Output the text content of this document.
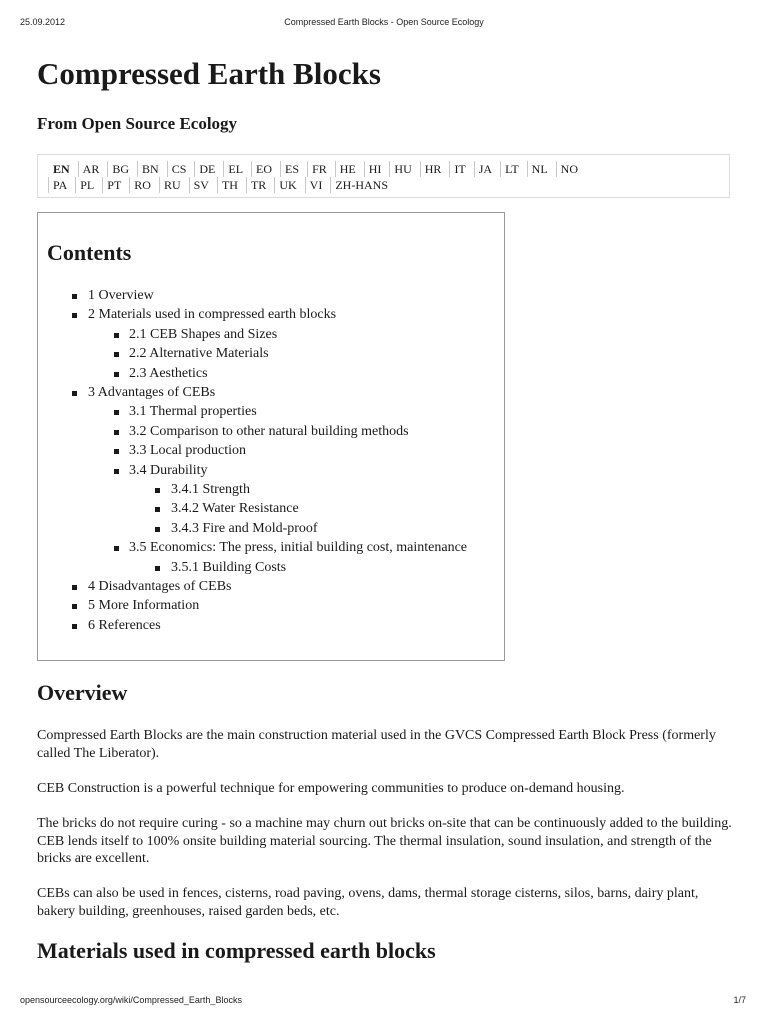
25.09.2012	Compressed Earth Blocks - Open Source Ecology
Compressed Earth Blocks
From Open Source Ecology
EN	AR	BG	BN	CS	DE	EL	EO	ES	FR	HE	HI	HU	HR	IT	JA	LT	NL	NO
PA	PL	PT	RO	RU	SV	TH	TR	UK	VI	ZH-HANS
Contents
1 Overview
2 Materials used in compressed earth blocks
2.1 CEB Shapes and Sizes
2.2 Alternative Materials
2.3 Aesthetics
3 Advantages of CEBs
3.1 Thermal properties
3.2 Comparison to other natural building methods
3.3 Local production
3.4 Durability
3.4.1 Strength
3.4.2 Water Resistance
3.4.3 Fire and Mold-proof
3.5 Economics: The press, initial building cost, maintenance
3.5.1 Building Costs
4 Disadvantages of CEBs
5 More Information
6 References
Overview

Compressed Earth Blocks are the main construction material used in the GVCS Compressed Earth Block Press (formerly called The Liberator).

CEB Construction is a powerful technique for empowering communities to produce on-demand housing.

The bricks do not require curing - so a machine may churn out bricks on-site that can be continuously added to the building. CEB lends itself to 100% onsite building material sourcing. The thermal insulation, sound insulation, and strength of the bricks are excellent.

CEBs can also be used in fences, cisterns, road paving, ovens, dams, thermal storage cisterns, silos, barns, dairy plant, bakery building, greenhouses, raised garden beds, etc.

Materials used in compressed earth blocks
opensourceecology.org/wiki/Compressed_Earth_Blocks	1/7
